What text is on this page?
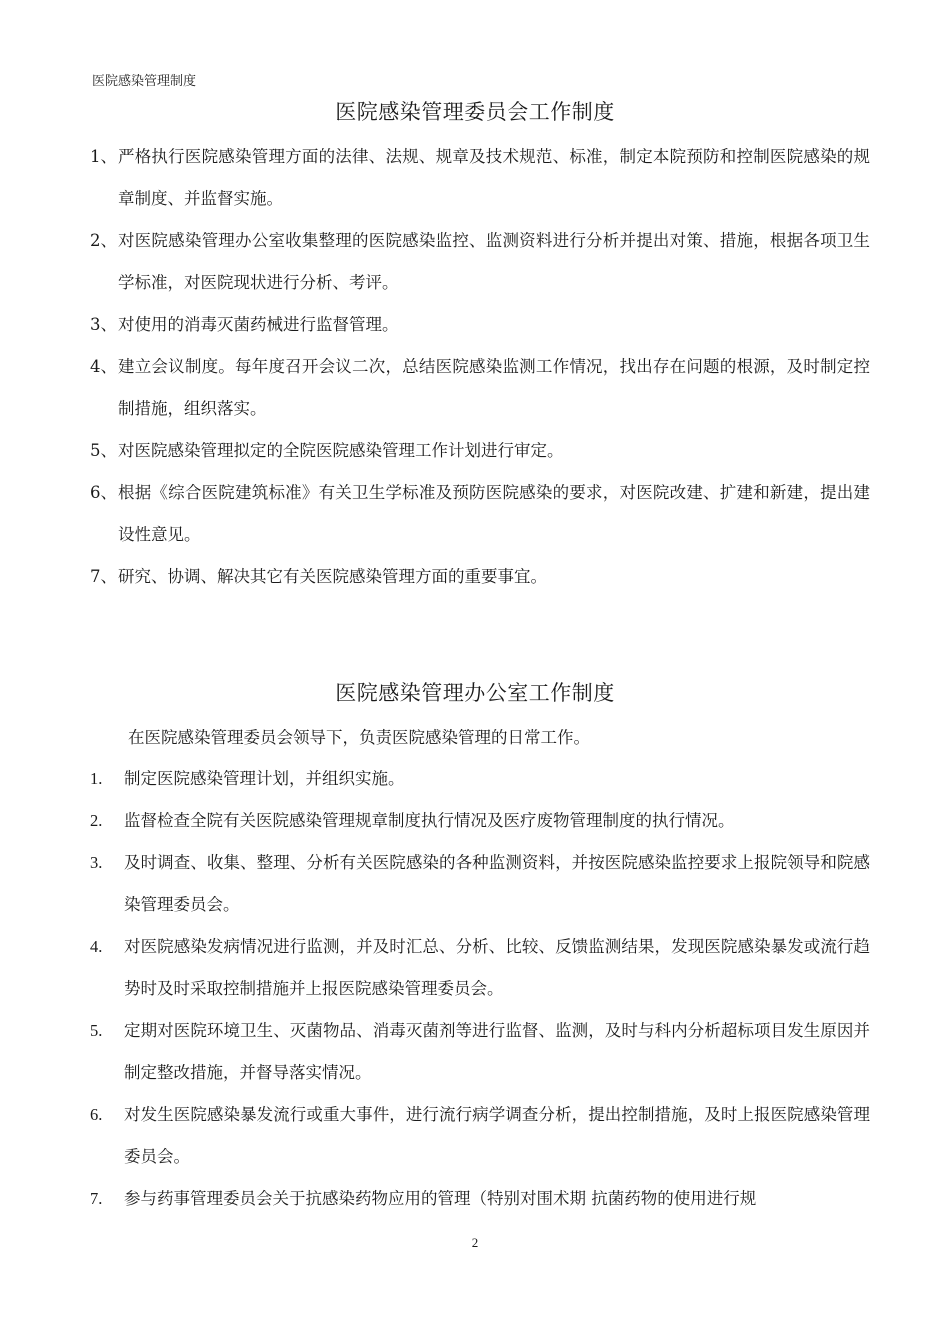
医院感染管理制度
医院感染管理委员会工作制度
1、 严格执行医院感染管理方面的法律、法规、规章及技术规范、标准，制定本院预防和控制医院感染的规章制度、并监督实施。
2、 对医院感染管理办公室收集整理的医院感染监控、监测资料进行分析并提出对策、措施，根据各项卫生学标准，对医院现状进行分析、考评。
3、 对使用的消毒灭菌药械进行监督管理。
4、 建立会议制度。每年度召开会议二次，总结医院感染监测工作情况，找出存在问题的根源，及时制定控制措施，组织落实。
5、 对医院感染管理拟定的全院医院感染管理工作计划进行审定。
6、 根据《综合医院建筑标准》有关卫生学标准及预防医院感染的要求，对医院改建、扩建和新建，提出建设性意见。
7、 研究、协调、解决其它有关医院感染管理方面的重要事宜。
医院感染管理办公室工作制度
在医院感染管理委员会领导下，负责医院感染管理的日常工作。
1.	制定医院感染管理计划，并组织实施。
2.	监督检查全院有关医院感染管理规章制度执行情况及医疗废物管理制度的执行情况。
3.	及时调查、收集、整理、分析有关医院感染的各种监测资料，并按医院感染监控要求上报院领导和院感染管理委员会。
4.	对医院感染发病情况进行监测，并及时汇总、分析、比较、反馈监测结果，发现医院感染暴发或流行趋势时及时采取控制措施并上报医院感染管理委员会。
5.	定期对医院环境卫生、灭菌物品、消毒灭菌剂等进行监督、监测，及时与科内分析超标项目发生原因并制定整改措施，并督导落实情况。
6.	对发生医院感染暴发流行或重大事件，进行流行病学调查分析，提出控制措施，及时上报医院感染管理委员会。
7.	参与药事管理委员会关于抗感染药物应用的管理（特别对围术期 抗菌药物的使用进行规
2
